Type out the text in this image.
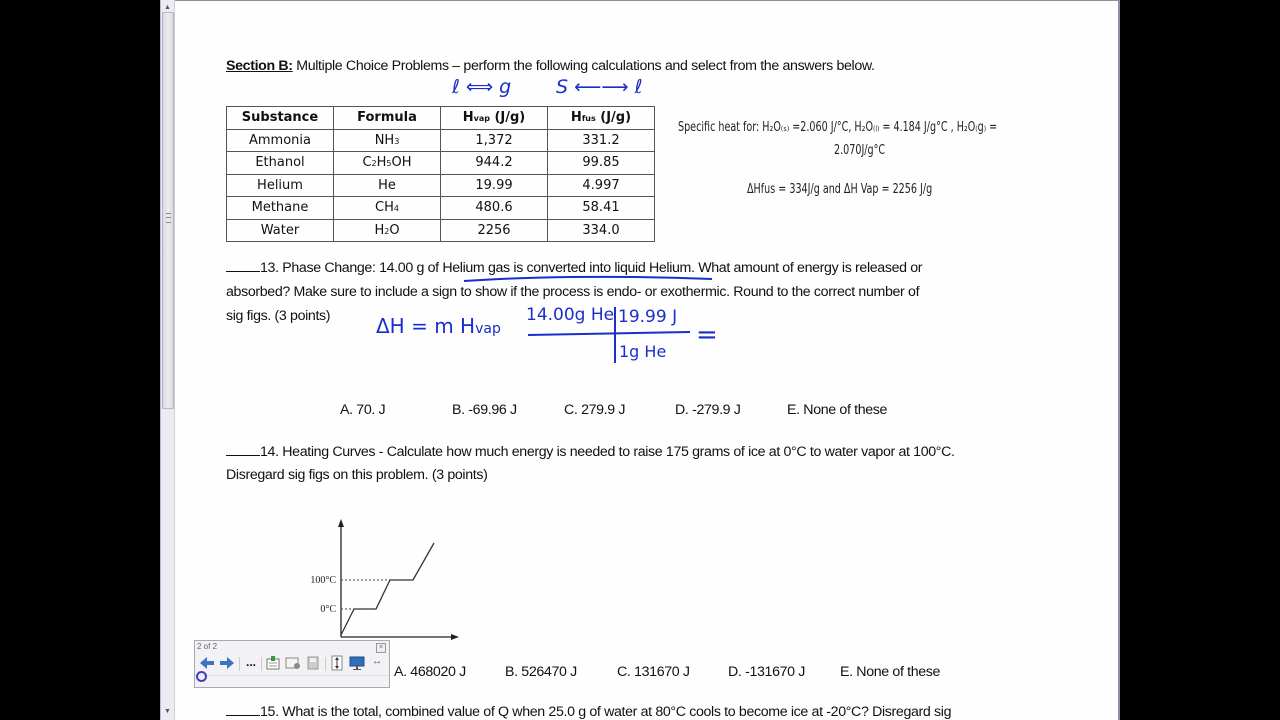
▲
▼
Section B: Multiple Choice Problems – perform the following calculations and select from the answers below.
ℓ ⟺ g S ⟵⟶ ℓ
Substance	Formula	Hvap (J/g)	Hfus (J/g)
Ammonia	NH3	1,372	331.2
Ethanol	C2H5OH	944.2	99.85
Helium	He	19.99	4.997
Methane	CH4	480.6	58.41
Water	H2O	2256	334.0
Specific heat for: H₂O₍ₛ₎ =2.060 J/°C, H₂O₍ₗ₎ = 4.184 J/g°C , H₂O₍g₎ =
2.070J/g°C
ΔHfus = 334J/g and ΔH Vap = 2256 J/g
13. Phase Change: 14.00 g of Helium gas is converted into liquid Helium. What amount of energy is released or
absorbed? Make sure to include a sign to show if the process is endo- or exothermic. Round to the correct number of
sig figs. (3 points) ΔH = m Hvap
14.00g He 19.99 J
1g He
=
A. 70. J	B. -69.96 J	C. 279.9 J	D. -279.9 J	E. None of these
14. Heating Curves - Calculate how much energy is needed to raise 175 grams of ice at 0°C to water vapor at 100°C.
Disregard sig figs on this problem. (3 points)
100°C
0°C
A. 468020 J	B. 526470 J	C. 131670 J	D. -131670 J E. None of these
15. What is the total, combined value of Q when 25.0 g of water at 80°C cools to become ice at -20°C? Disregard sig
2 of 2	×
...	↔
